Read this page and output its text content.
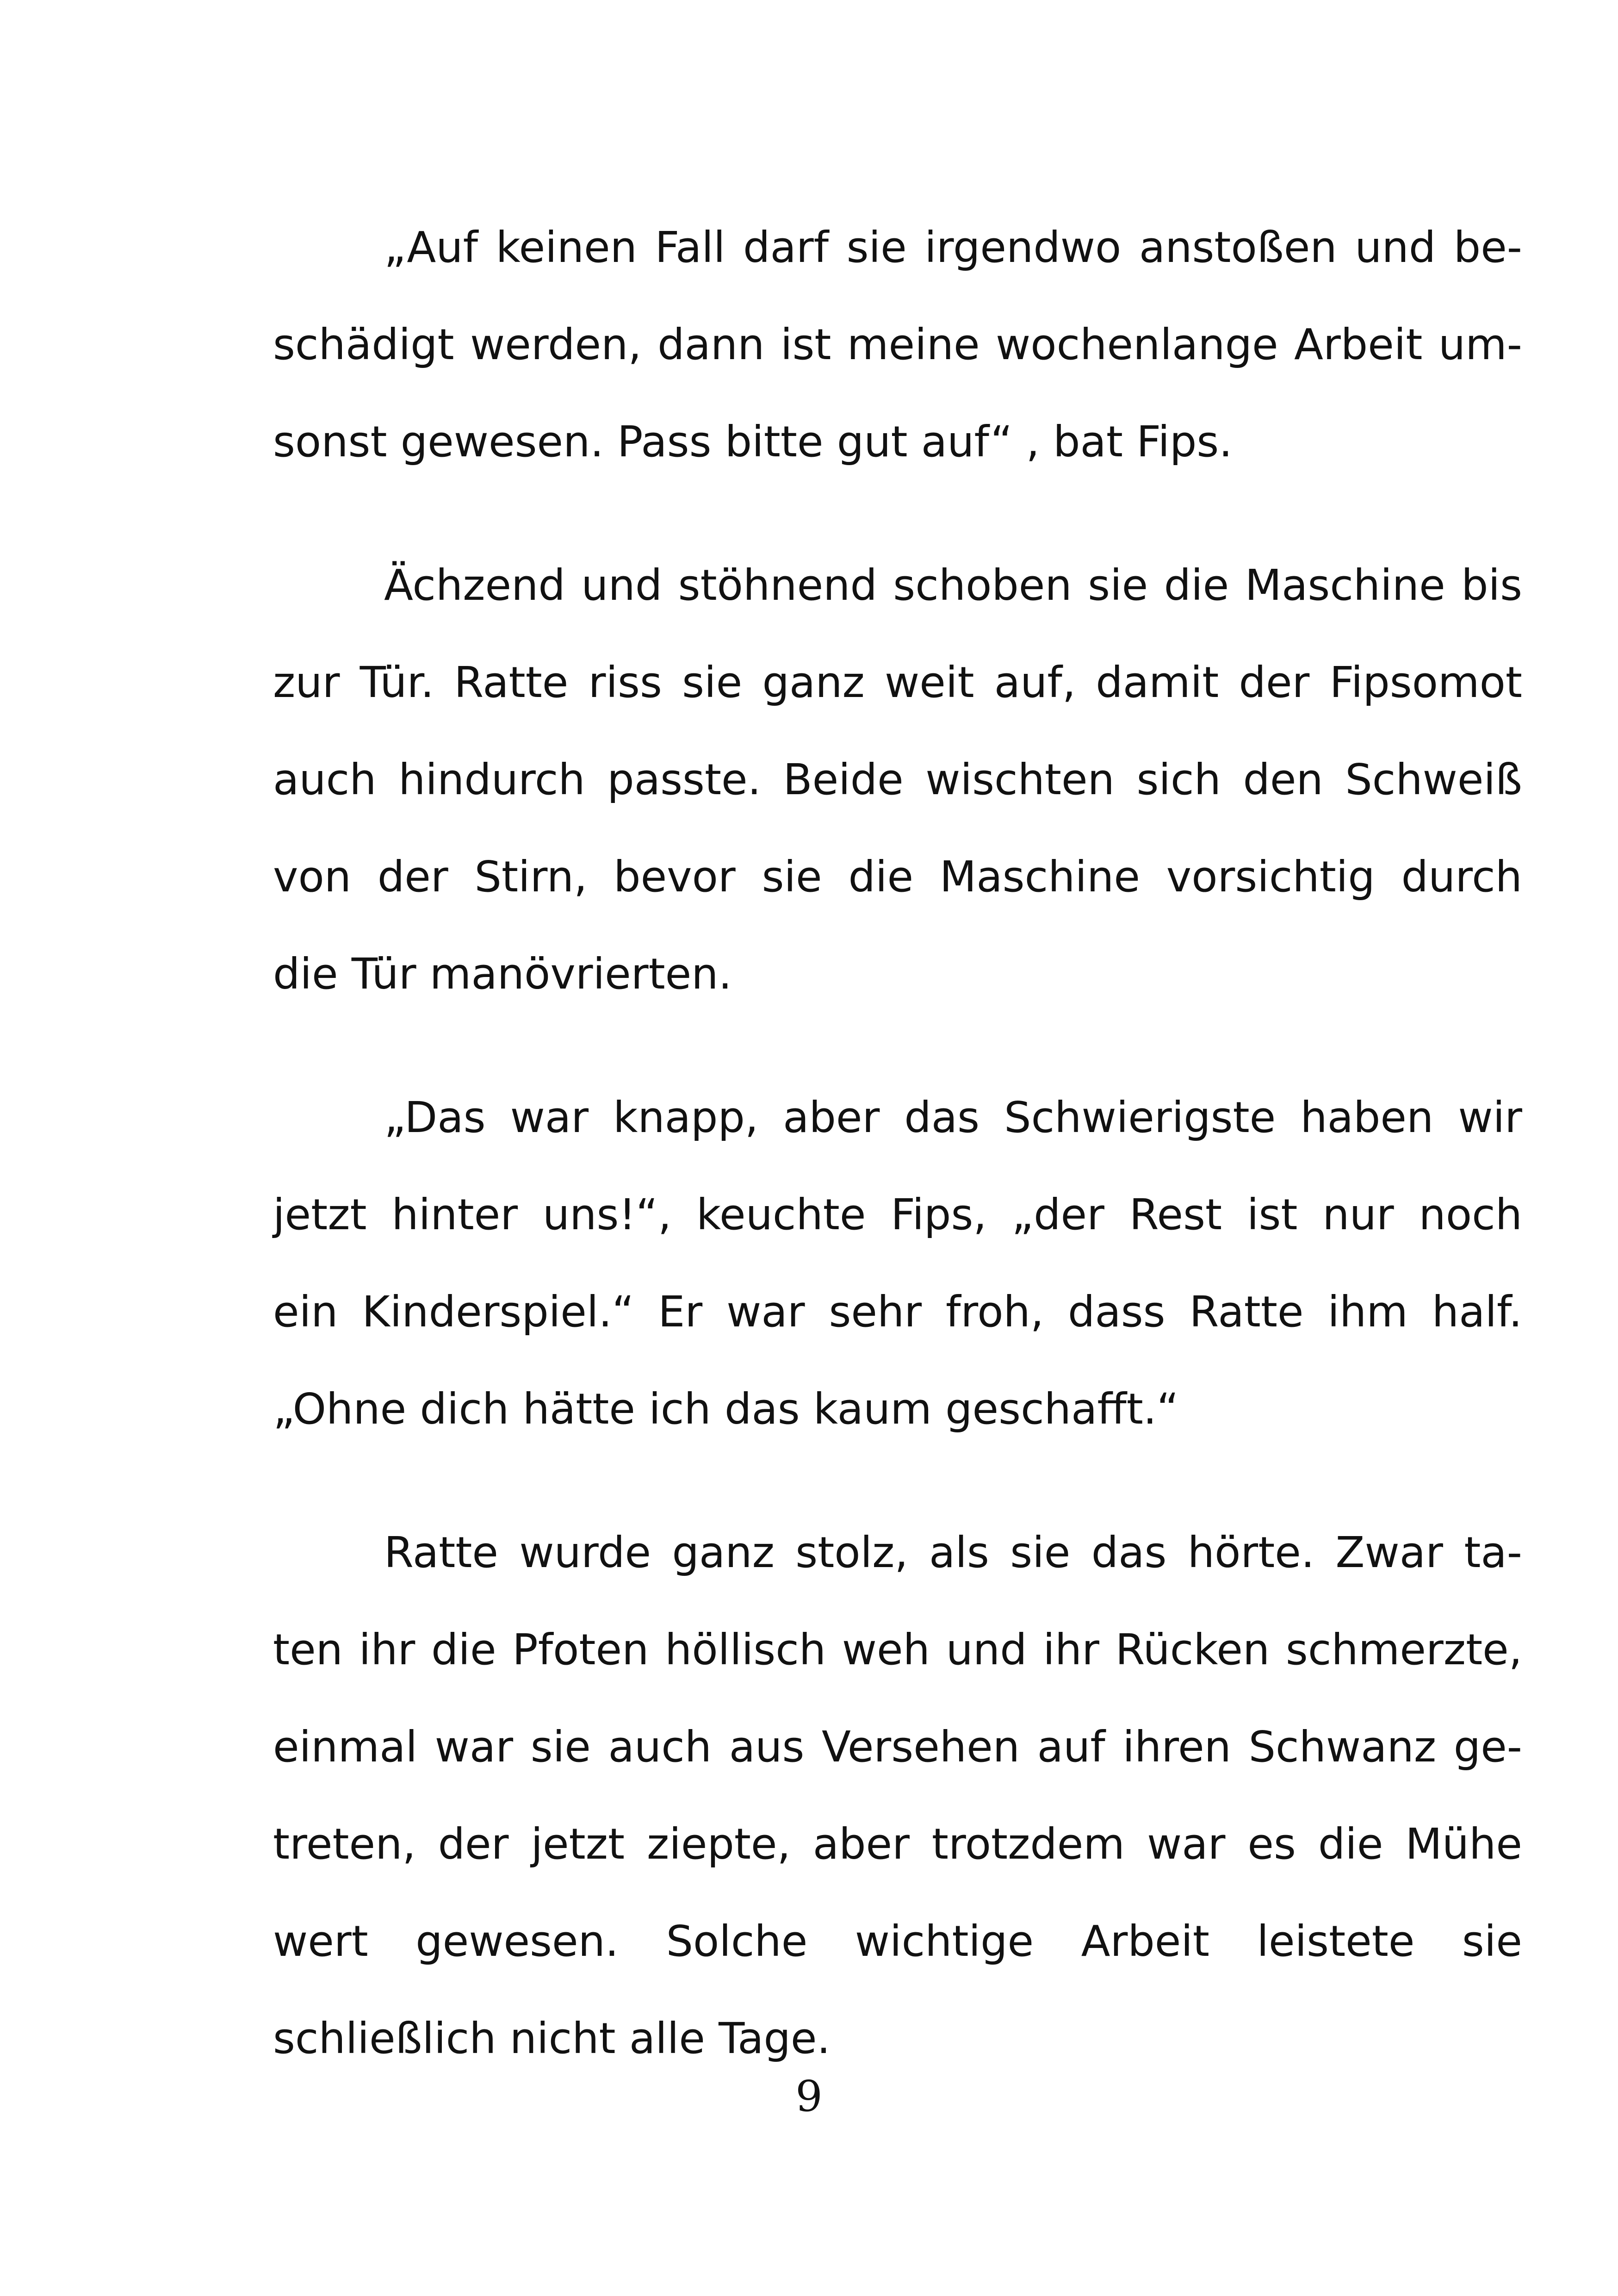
„Auf keinen Fall darf sie irgendwo anstoßen und be-
schädigt werden, dann ist meine wochenlange Arbeit um-
sonst gewesen. Pass bitte gut auf“ , bat Fips.
Ächzend und stöhnend schoben sie die Maschine bis
zur Tür. Ratte riss sie ganz weit auf, damit der Fipsomot
auch hindurch passte. Beide wischten sich den Schweiß
von der Stirn, bevor sie die Maschine vorsichtig durch
die Tür manövrierten.
„Das war knapp, aber das Schwierigste haben wir
jetzt hinter uns!“, keuchte Fips, „der Rest ist nur noch
ein Kinderspiel.“ Er war sehr froh, dass Ratte ihm half.
„Ohne dich hätte ich das kaum geschafft.“
Ratte wurde ganz stolz, als sie das hörte. Zwar ta-
ten ihr die Pfoten höllisch weh und ihr Rücken schmerzte,
einmal war sie auch aus Versehen auf ihren Schwanz ge-
treten, der jetzt ziepte, aber trotzdem war es die Mühe
wert gewesen. Solche wichtige Arbeit leistete sie
schließlich nicht alle Tage.
9
